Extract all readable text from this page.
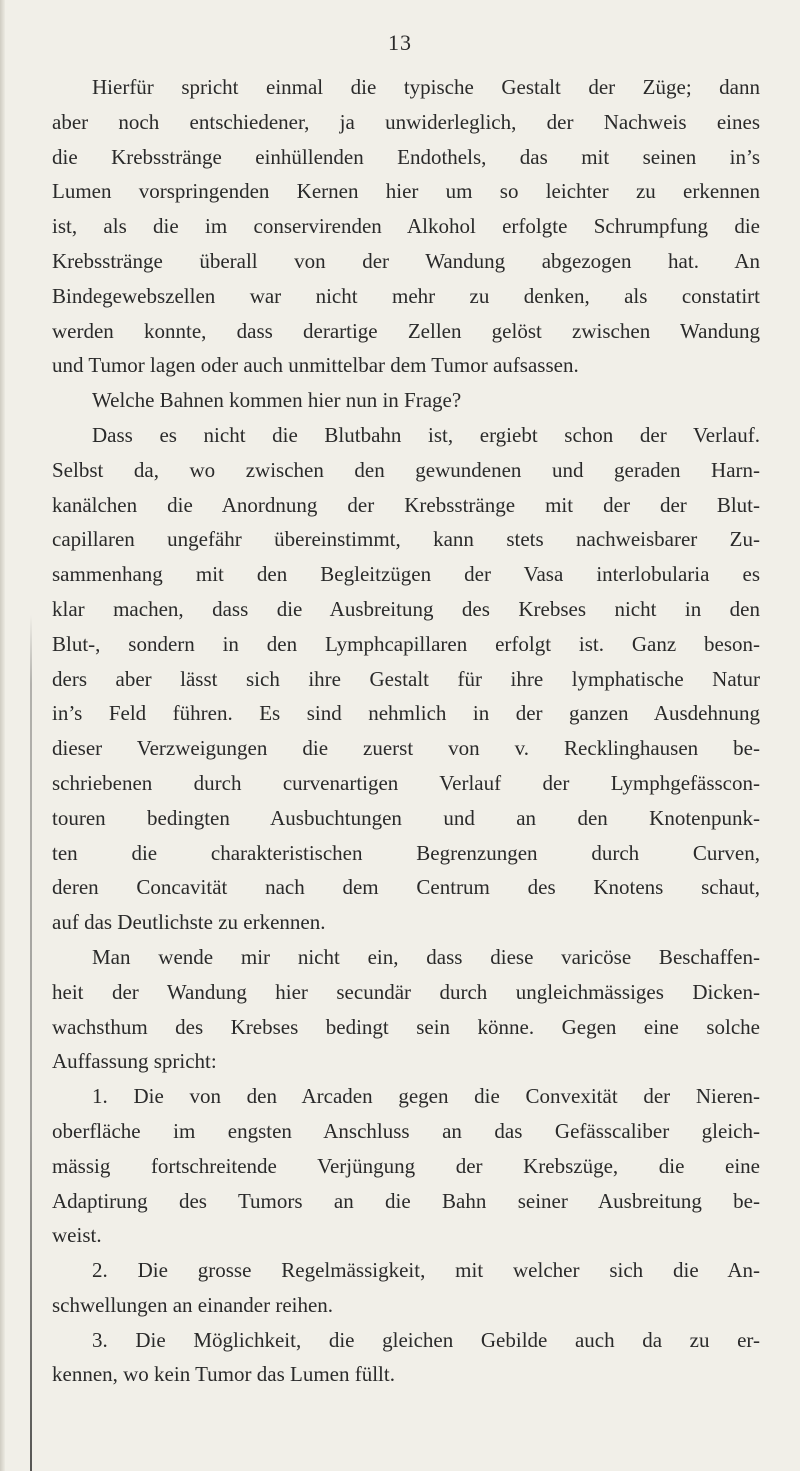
13
Hierfür spricht einmal die typische Gestalt der Züge; dann
aber noch entschiedener, ja unwiderleglich, der Nachweis eines
die Krebsstränge einhüllenden Endothels, das mit seinen in’s
Lumen vorspringenden Kernen hier um so leichter zu erkennen
ist, als die im conservirenden Alkohol erfolgte Schrumpfung die
Krebsstränge überall von der Wandung abgezogen hat. An
Bindegewebszellen war nicht mehr zu denken, als constatirt
werden konnte, dass derartige Zellen gelöst zwischen Wandung
und Tumor lagen oder auch unmittelbar dem Tumor aufsassen.
Welche Bahnen kommen hier nun in Frage?
Dass es nicht die Blutbahn ist, ergiebt schon der Verlauf.
Selbst da, wo zwischen den gewundenen und geraden Harn-
kanälchen die Anordnung der Krebsstränge mit der der Blut-
capillaren ungefähr übereinstimmt, kann stets nachweisbarer Zu-
sammenhang mit den Begleitzügen der Vasa interlobularia es
klar machen, dass die Ausbreitung des Krebses nicht in den
Blut-, sondern in den Lymphcapillaren erfolgt ist. Ganz beson-
ders aber lässt sich ihre Gestalt für ihre lymphatische Natur
in’s Feld führen. Es sind nehmlich in der ganzen Ausdehnung
dieser Verzweigungen die zuerst von v. Recklinghausen be-
schriebenen durch curvenartigen Verlauf der Lymphgefässcon-
touren bedingten Ausbuchtungen und an den Knotenpunk-
ten die charakteristischen Begrenzungen durch Curven,
deren Concavität nach dem Centrum des Knotens schaut,
auf das Deutlichste zu erkennen.
Man wende mir nicht ein, dass diese varicöse Beschaffen-
heit der Wandung hier secundär durch ungleichmässiges Dicken-
wachsthum des Krebses bedingt sein könne. Gegen eine solche
Auffassung spricht:
1. Die von den Arcaden gegen die Convexität der Nieren-
oberfläche im engsten Anschluss an das Gefässcaliber gleich-
mässig fortschreitende Verjüngung der Krebszüge, die eine
Adaptirung des Tumors an die Bahn seiner Ausbreitung be-
weist.
2. Die grosse Regelmässigkeit, mit welcher sich die An-
schwellungen an einander reihen.
3. Die Möglichkeit, die gleichen Gebilde auch da zu er-
kennen, wo kein Tumor das Lumen füllt.
